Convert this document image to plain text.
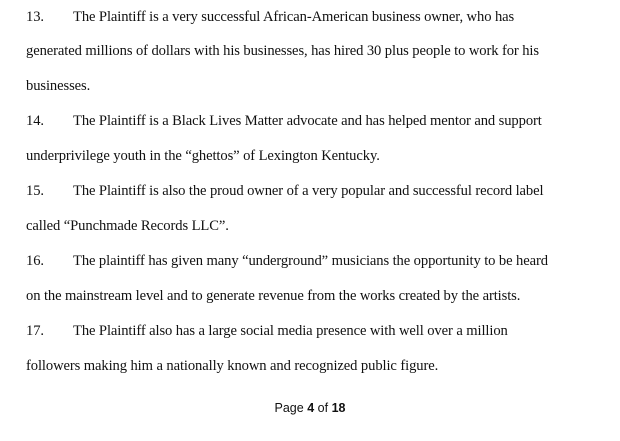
13. The Plaintiff is a very successful African-American business owner, who has
generated millions of dollars with his businesses, has hired 30 plus people to work for his
businesses.
14. The Plaintiff is a Black Lives Matter advocate and has helped mentor and support
underprivilege youth in the “ghettos” of Lexington Kentucky.
15. The Plaintiff is also the proud owner of a very popular and successful record label
called “Punchmade Records LLC”.
16. The plaintiff has given many “underground” musicians the opportunity to be heard
on the mainstream level and to generate revenue from the works created by the artists.
17. The Plaintiff also has a large social media presence with well over a million
followers making him a nationally known and recognized public figure.
Page 4 of 18
